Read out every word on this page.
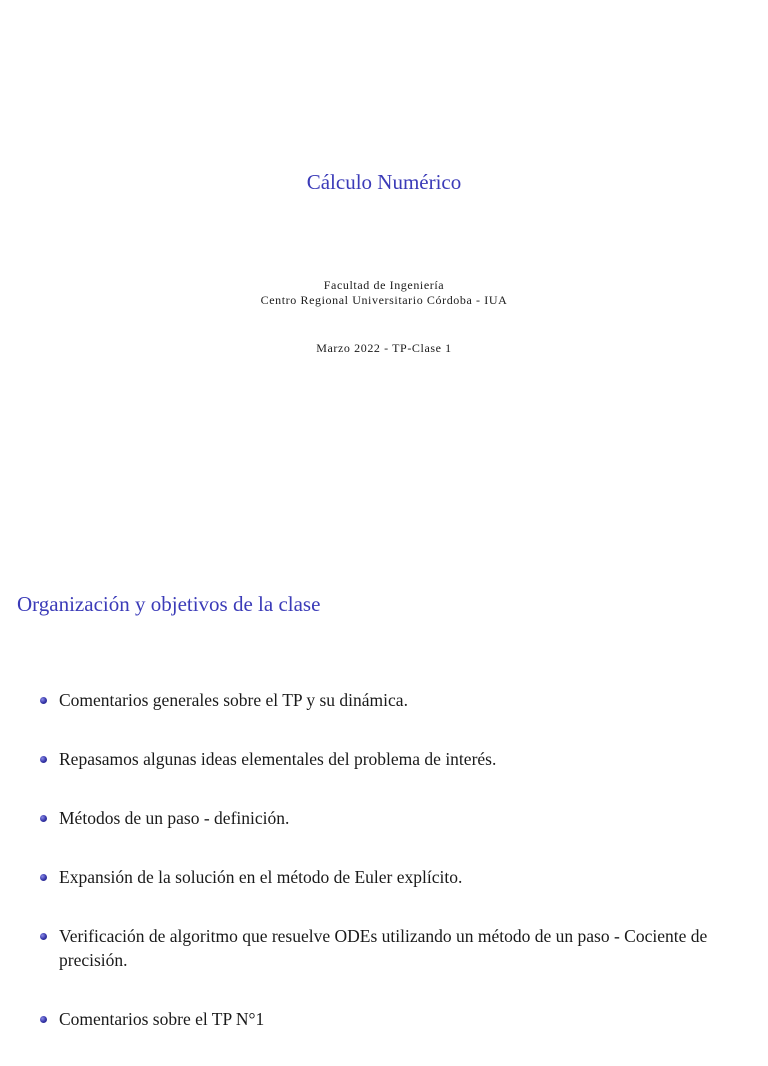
Cálculo Numérico
Facultad de Ingeniería
Centro Regional Universitario Córdoba - IUA
Marzo 2022 - TP-Clase 1
Organización y objetivos de la clase
Comentarios generales sobre el TP y su dinámica.
Repasamos algunas ideas elementales del problema de interés.
Métodos de un paso - definición.
Expansión de la solución en el método de Euler explícito.
Verificación de algoritmo que resuelve ODEs utilizando un método de un paso - Cociente de precisión.
Comentarios sobre el TP N°1
